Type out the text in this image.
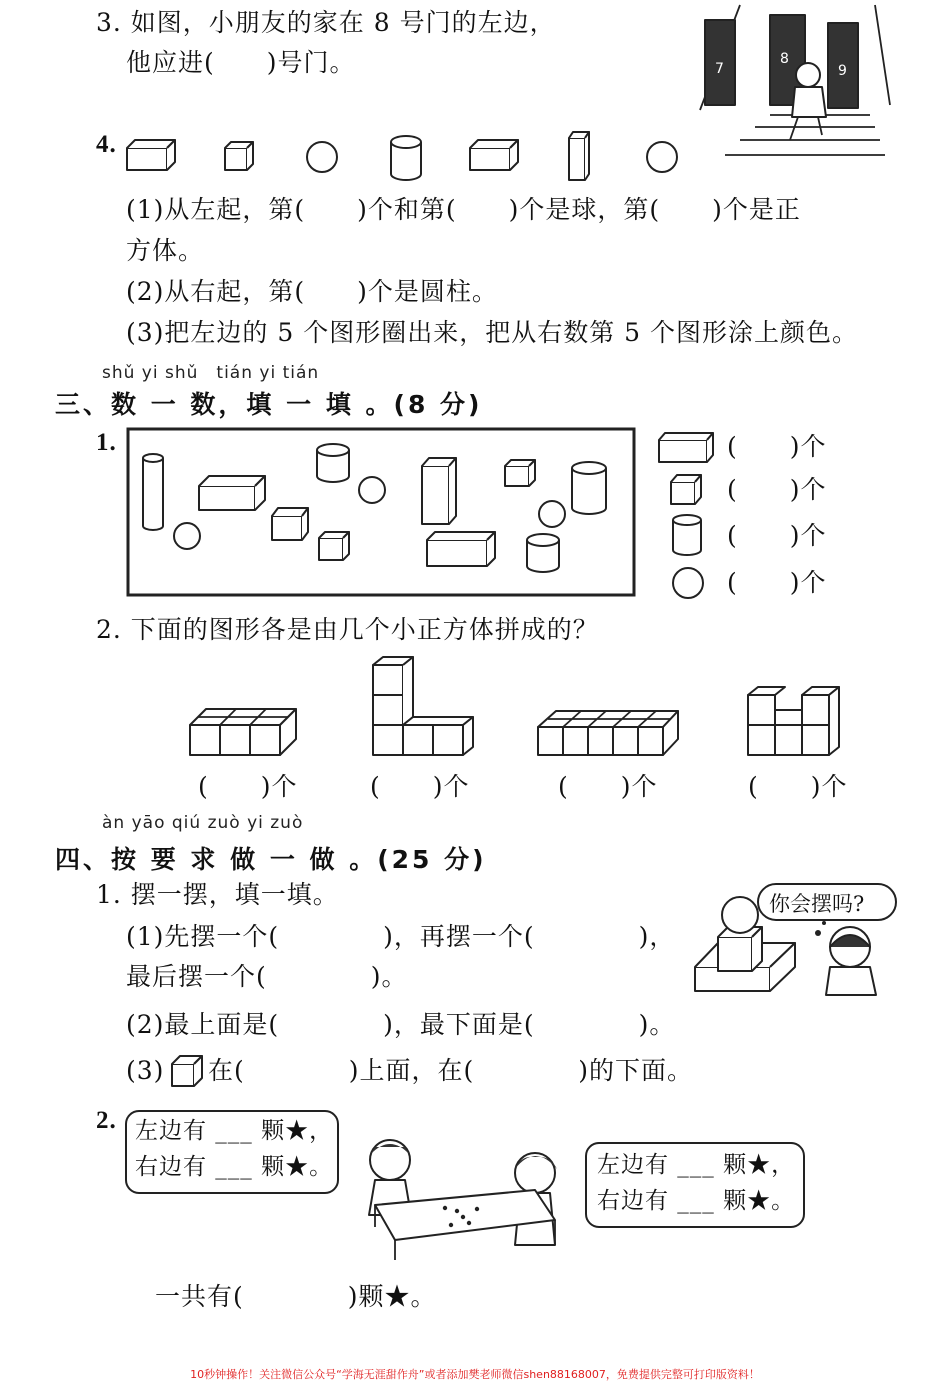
3. 如图，小朋友的家在 8 号门的左边，
他应进(　　)号门。	7
8
9
4.
(1)从左起，第(　　)个和第(　　)个是球，第(　　)个是正
方体。
(2)从右起，第(　　)个是圆柱。
(3)把左边的 5 个图形圈出来，把从右数第 5 个图形涂上颜色。
shǔ yi shǔ　tián yi tián
三、数 一 数，填 一 填 。(8 分)
1.	(　　)个
(　　)个
(　　)个
(　　)个
2. 下面的图形各是由几个小正方体拼成的？
(　　)个	(　　)个	(　　)个	(　　)个
àn yāo qiú zuò yi zuò
四、按 要 求 做 一 做 。(25 分)
1. 摆一摆，填一填。	你会摆吗?
(1)先摆一个(　　　　)，再摆一个(　　　　)，
最后摆一个(　　　　)。
(2)最上面是(　　　　)，最下面是(　　　　)。
(3) 在(　　　　)上面，在(　　　　)的下面。
2. 左边有 ___ 颗★，
右边有 ___ 颗★。	左边有 ___ 颗★，
右边有 ___ 颗★。
一共有(　　　　)颗★。
10秒钟操作！关注微信公众号“学海无涯甜作舟”或者添加樊老师微信shen88168007，免费提供完整可打印版资料！
